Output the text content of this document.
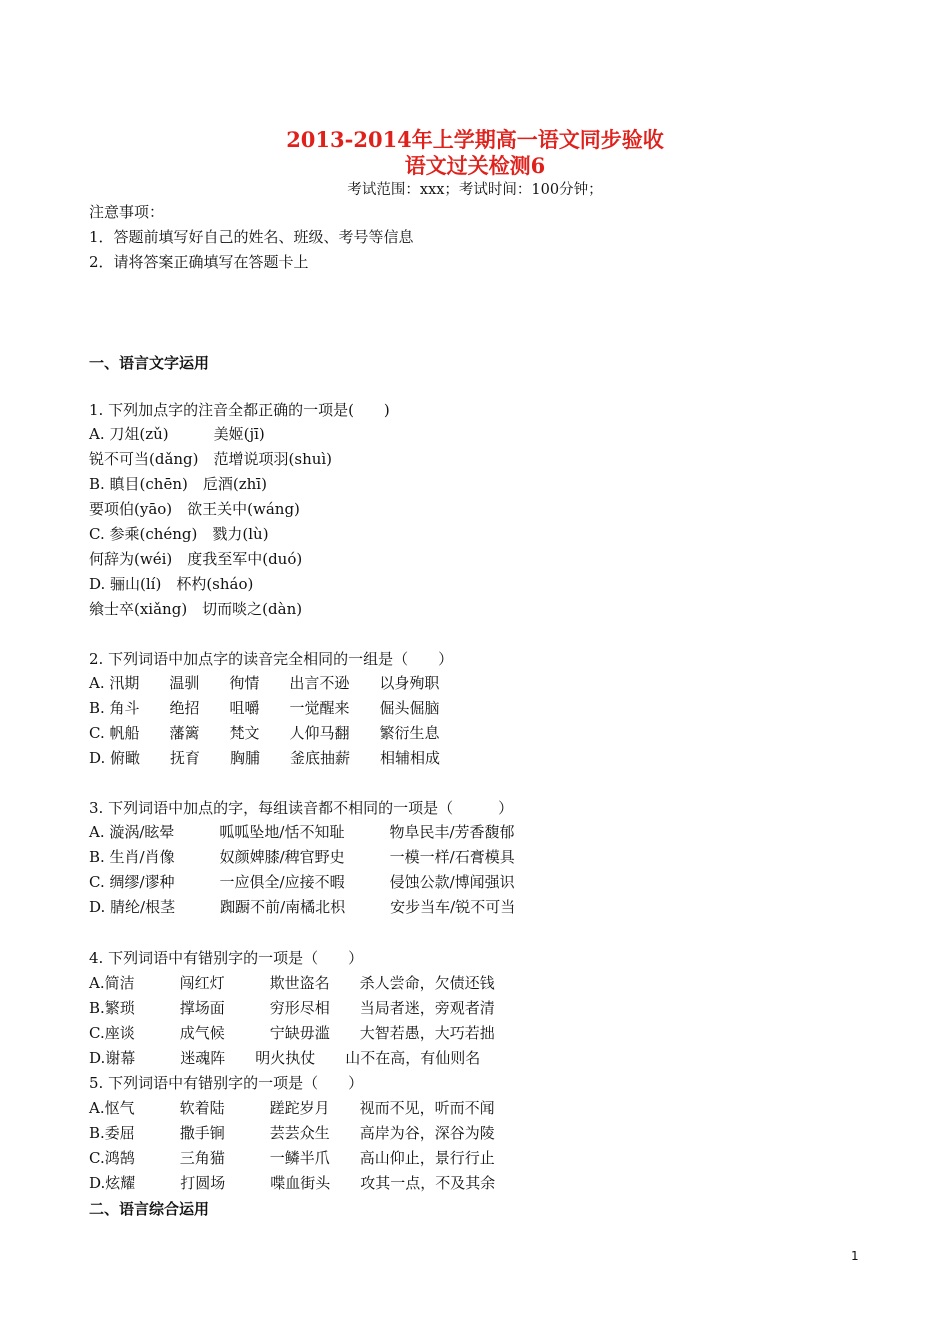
2013-2014年上学期高一语文同步验收
语文过关检测6
考试范围：xxx；考试时间：100分钟；
注意事项：
1．答题前填写好自己的姓名、班级、考号等信息
2．请将答案正确填写在答题卡上
一、语言文字运用
1. 下列加点字的注音全都正确的一项是(　　)
A. 刀俎(zǔ)　　　美姬(jī)
锐不可当(dǎng)　范增说项羽(shuì)
B. 瞋目(chēn)　卮酒(zhī)
要项伯(yāo)　欲王关中(wáng)
C. 参乘(chéng)　戮力(lù)
何辞为(wéi)　度我至军中(duó)
D. 骊山(lí)　杯杓(sháo)
飨士卒(xiǎng)　切而啖之(dàn)
2. 下列词语中加点字的读音完全相同的一组是（　　）
A. 汛期　　温驯　　徇情　　出言不逊　　以身殉职
B. 角斗　　绝招　　咀嚼　　一觉醒来　　倔头倔脑
C. 帆船　　藩篱　　梵文　　人仰马翻　　繁衍生息
D. 俯瞰　　抚育　　胸脯　　釜底抽薪　　相辅相成
3. 下列词语中加点的字，每组读音都不相同的一项是（　　　）
A. 漩涡/眩晕　　　呱呱坠地/恬不知耻　　　物阜民丰/芳香馥郁
B. 生肖/肖像　　　奴颜婢膝/稗官野史　　　一模一样/石膏模具
C. 绸缪/谬种　　　一应俱全/应接不暇　　　侵蚀公款/博闻强识
D. 腈纶/根茎　　　踟蹰不前/南橘北枳　　　安步当车/锐不可当
4. 下列词语中有错别字的一项是（　　）
A.简洁　　　闯红灯　　　欺世盗名　　杀人尝命，欠债还钱
B.繁琐　　　撑场面　　　穷形尽相　　当局者迷，旁观者清
C.座谈　　　成气候　　　宁缺毋滥　　大智若愚，大巧若拙
D.谢幕　　　迷魂阵　　明火执仗　　山不在高，有仙则名
5. 下列词语中有错别字的一项是（　　）
A.怄气　　　软着陆　　　蹉跎岁月　　视而不见，听而不闻
B.委屈　　　撒手锏　　　芸芸众生　　高岸为谷，深谷为陵
C.鸿鹄　　　三角猫　　　一鳞半爪　　高山仰止，景行行止
D.炫耀　　　打圆场　　　喋血街头　　攻其一点，不及其余
二、语言综合运用
1
